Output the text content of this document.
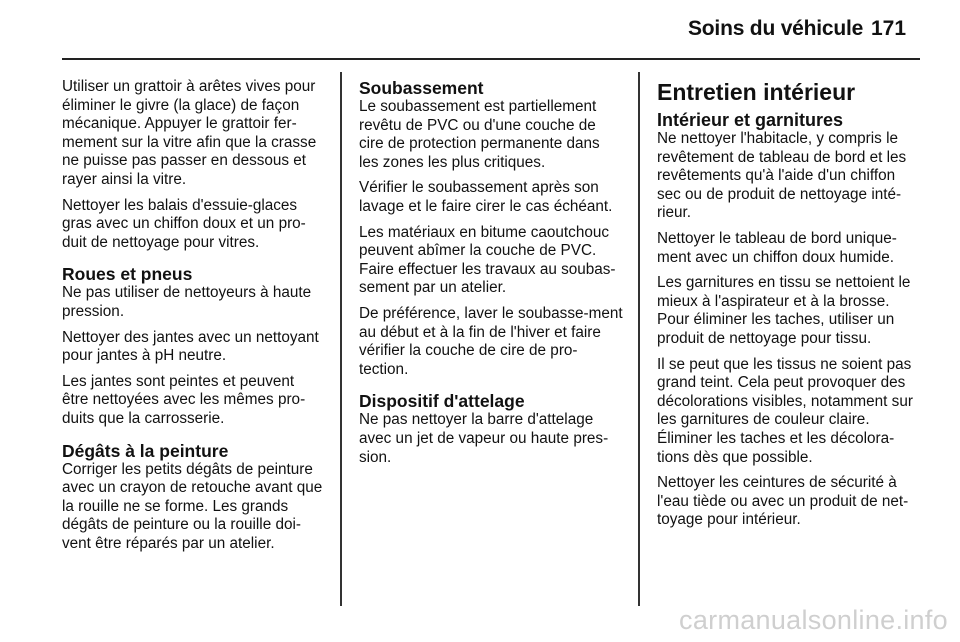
Soins du véhicule 171

Utiliser un grattoir à arêtes vives pour éliminer le givre (la glace) de façon mécanique. Appuyer le grattoir fer-mement sur la vitre afin que la crasse ne puisse pas passer en dessous et rayer ainsi la vitre.

Nettoyer les balais d'essuie-glaces gras avec un chiffon doux et un pro-duit de nettoyage pour vitres.

Roues et pneus

Ne pas utiliser de nettoyeurs à haute pression.

Nettoyer des jantes avec un nettoyant pour jantes à pH neutre.

Les jantes sont peintes et peuvent être nettoyées avec les mêmes pro-duits que la carrosserie.

Dégâts à la peinture

Corriger les petits dégâts de peinture avec un crayon de retouche avant que la rouille ne se forme. Les grands dégâts de peinture ou la rouille doi-vent être réparés par un atelier.

Soubassement

Le soubassement est partiellement revêtu de PVC ou d'une couche de cire de protection permanente dans les zones les plus critiques.

Vérifier le soubassement après son lavage et le faire cirer le cas échéant.

Les matériaux en bitume caoutchouc peuvent abîmer la couche de PVC. Faire effectuer les travaux au soubas-sement par un atelier.

De préférence, laver le soubasse-ment au début et à la fin de l'hiver et faire vérifier la couche de cire de pro-tection.

Dispositif d'attelage

Ne pas nettoyer la barre d'attelage avec un jet de vapeur ou haute pres-sion.

Entretien intérieur
Intérieur et garnitures

Ne nettoyer l'habitacle, y compris le revêtement de tableau de bord et les revêtements qu'à l'aide d'un chiffon sec ou de produit de nettoyage inté-rieur.

Nettoyer le tableau de bord unique-ment avec un chiffon doux humide.

Les garnitures en tissu se nettoient le mieux à l'aspirateur et à la brosse. Pour éliminer les taches, utiliser un produit de nettoyage pour tissu.

Il se peut que les tissus ne soient pas grand teint. Cela peut provoquer des décolorations visibles, notamment sur les garnitures de couleur claire. Éliminer les taches et les décolora-tions dès que possible.

Nettoyer les ceintures de sécurité à l'eau tiède ou avec un produit de net-toyage pour intérieur.

carmanualsonline.info
